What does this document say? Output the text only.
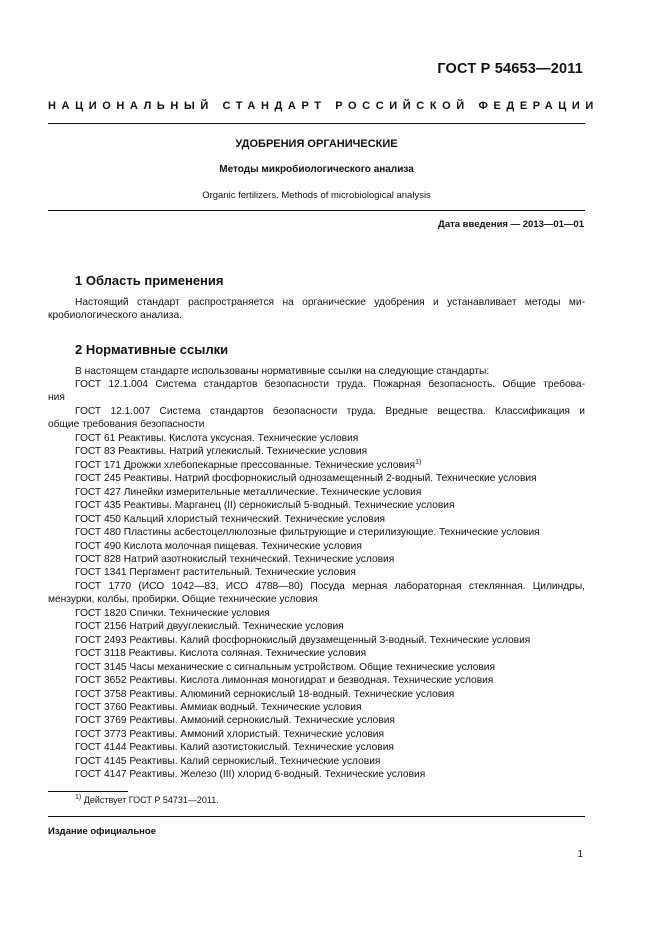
ГОСТ Р 54653—2011
НАЦИОНАЛЬНЫЙ СТАНДАРТ РОССИЙСКОЙ ФЕДЕРАЦИИ
УДОБРЕНИЯ ОРГАНИЧЕСКИЕ
Методы микробиологического анализа
Organic fertilizers. Methods of microbiological analysis
Дата введения — 2013—01—01
1 Область применения
Настоящий стандарт распространяется на органические удобрения и устанавливает методы ми-
кробиологического анализа.
2 Нормативные ссылки
В настоящем стандарте использованы нормативные ссылки на следующие стандарты:
ГОСТ 12.1.004 Система стандартов безопасности труда. Пожарная безопасность. Общие требова-
ния
ГОСТ 12.1.007 Система стандартов безопасности труда. Вредные вещества. Классификация и
общие требования безопасности
ГОСТ 61 Реактивы. Кислота уксусная. Технические условия
ГОСТ 83 Реактивы. Натрий углекислый. Технические условия
ГОСТ 171 Дрожжи хлебопекарные прессованные. Технические условия$^{1)}$
ГОСТ 245 Реактивы. Натрий фосфорнокислый однозамещенный 2-водный. Технические условия
ГОСТ 427 Линейки измерительные металлические. Технические условия
ГОСТ 435 Реактивы. Марганец (II) сернокислый 5-водный. Технические условия
ГОСТ 450 Кальций хлористый технический. Технические условия
ГОСТ 480 Пластины асбестоцеллюлозные фильтрующие и стерилизующие. Технические условия
ГОСТ 490 Кислота молочная пищевая. Технические условия
ГОСТ 828 Натрий азотнокислый технический. Технические условия
ГОСТ 1341 Пергамент растительный. Технические условия
ГОСТ 1770 (ИСО 1042—83, ИСО 4788—80) Посуда мерная лабораторная стеклянная. Цилиндры,
мензурки, колбы, пробирки. Общие технические условия
ГОСТ 1820 Спички. Технические условия
ГОСТ 2156 Натрий двууглекислый. Технические условия
ГОСТ 2493 Реактивы. Калий фосфорнокислый двузамещенный 3-водный. Технические условия
ГОСТ 3118 Реактивы. Кислота соляная. Технические условия
ГОСТ 3145 Часы механические с сигнальным устройством. Общие технические условия
ГОСТ 3652 Реактивы. Кислота лимонная моногидрат и безводная. Технические условия
ГОСТ 3758 Реактивы. Алюминий сернокислый 18-водный. Технические условия
ГОСТ 3760 Реактивы. Аммиак водный. Технические условия
ГОСТ 3769 Реактивы. Аммоний сернокислый. Технические условия
ГОСТ 3773 Реактивы. Аммоний хлористый. Технические условия
ГОСТ 4144 Реактивы. Калий азотистокислый. Технические условия
ГОСТ 4145 Реактивы. Калий сернокислый. Технические условия
ГОСТ 4147 Реактивы. Железо (III) хлорид 6-водный. Технические условия
$^{1)}$ Действует ГОСТ Р 54731—2011.
Издание официальное
1
